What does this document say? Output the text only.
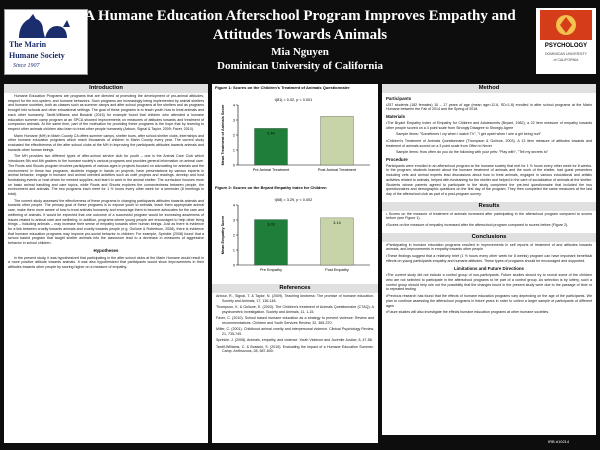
The Marin
Humane Society
Since 1907
A Humane Education Afterschool Program Improves Empathy and
Attitudes Towards Animals
Mia Nguyen
Dominican University of California
PSYCHOLOGY
DOMINICAN UNIVERSITY
of CALIFORNIA
Introduction

Humane Education Programs are programs that are directed at promoting the development of pro-animal attitudes, respect for the eco-system, and humane behaviors. Such programs are increasingly being implemented by animal shelters and humane societies, both as classes such as summer camps and after school programs at the shelters and as programs brought into schools and other educational settings. The goal of these programs is to teach youth how to treat animals and each other humanely. Tardif-Williams and Bosacki (2015) for example found that children who attended a humane education summer camp program at an SPCA showed improvements on measures of attitudes towards and treatment of companion animals. At the same time, part of the motivation for providing these programs is the hope that by learning to respect other animals children also learn to treat other people humanely (Arbour, Signal & Taylor, 2009; Faver, 2010).

Marin Humane (MH) in Marin County CA offers summer camps, shelter tours, after school shelter clubs, internships and other humane education programs which reach thousands of children in Marin County every year. The current study evaluated the effectiveness of the after school clubs at the MH in improving the participants attitudes towards animals and towards other human beings.

The MH provides two different types of after-school service club for youth – one is the Animal Care Club which introduces 5th and 6th graders to the humane society's various programs and provides general information on animal care. The Roots and Shoots program involves participants of various ages in projects focused on advocating for animals and the environment. In these two programs, students engage in hands on projects, have presentations by various experts in animal behavior, engage in humane and animal oriented activities such as craft projects and readings, develop and host fundraising events or host drives for needed supplies, and learn to work in the animal shelter. The curriculum focuses more on basic animal handling and care topics, while Roots and Shoots explores the connectedness between people, the environment and animals. The two programs each meet for 1 ½ hours every other week for a semester (8 meetings in total).

The current study assessed the effectiveness of these programs in changing participants attitudes towards animals and towards other people. The primary goal of these programs is to expose youth to animals, teach them appropriate animal care, make them more aware of how to treat animals humanely and encourage them to become advocates for the care and wellbeing of animals. It would be expected that one outcome of a successful program would be increasing awareness of issues related to animal care and wellbeing. In addition, programs where young people are encouraged to help other living things – including animals – may increase their sense of empathy towards other human beings. Just as there is evidence for a link between cruelty towards animals and cruelty towards people (e.g. Gullone & Robertson, 2008), there is evidence that humane education programs may improve pro-social behavior in children. For example, Sprinkle (2008) found that a school based program that taught shelter animals into the classroom lead to a decrease in measures of aggressive behavior in school children.

Hypotheses

In the present study, it was hypothesized that participating in the after school clubs at the Marin Humane would result in a more positive attitude towards animals. It was also hypothesized that participants would show improvements in their attitudes towards other people by scoring higher on a measure of empathy.

Figure 1: Scores on the Children's Treatment of Animals Questionnaire
0
1
2
3
4
Mean Treatment of Animals Score
t(81) = 0.02, p < 0.001
2.44
Pre Animal Treatment	Post Animal Treatment
Figure 2: Scores on the Bryant Empathy Index for Children
0
1
2
3
4
Mean Empathy Score
t(58) = 3.29, p < 0.002
3.03
Pre Empathy
3.14
Post Empathy
References
Arbour, R., Signal, T. & Taylor, N. (2009). Teaching kindness: The promise of humane education. Society and Animals, 17, 136-148.
Thompson, K. & Gullone, E. (2003). The Children's treatment of Animals Questionnaire (CTAQ): A psychometric investigation. Society and Animals, 11, 1-15.
Faver, C. (2010). School based humane education as a strategy to prevent violence: Review and recommendations. Children and Youth Services Review, 32, 365-370.
Miller, C. (2001). Childhood animal cruelty and interpersonal violence. Clinical Psychology Review, 21, 735-749.
Sprinkle, J. (2008). Animals, empathy, and violence. Youth Violence and Juvenile Justice, 6, 47-58.
Tardif-Williams, C. & Bosacki, S. (2015). Evaluating the Impact of a Humane Education Summer-Camp. Anthrozoos, 28, 587-600.
Method
Participants
•257 students (182 females) 10 – 17 years of age (mean age=12.6, SD=1.8) enrolled in after school programs at the Marin Humane between the Fall of 2014 and the Spring of 2018.
Materials
•The Bryant Empathy Index of Empathy for Children and Adolescents (Bryant, 1982), a 22 item measure of empathy towards other people scored on a 4 point scale from Strongly Disagree to Strongly Agree
Sample items: "Sometimes I cry when I watch TV", "I get upset when I see a girl being hurt"
•Children's Treatment of Animals Questionnaire (Thompson & Gullone, 2003). A 13 item measure of attitudes towards and treatment of animals scored on a 3 point scale from Often to Never
Sample items: How often do you do the following with your pets: "Play with", "Tell my secrets to"
Procedure
Participants were enrolled in an afterschool program at the humane society that met for 1 ½ hours every other week for 8 weeks. In the program, students learned about the humane treatment of animals and the work of the shelter, had guest presenters including vets and animal experts lead discussions about how to treat animals, engaged in various educational and artistic activities related to animals, helped with fundraising for the shelter and helped in the care of socialization of animals at the shelter. Students whose parents agreed to participate in the study completed the pre-test questionnaire that included the two questionnaires and demographic questions on the first day of the program. They then completed the same measures at the last day of the afterschool club as part of a post-program survey.
Results
• Scores on the measure of treatment of animals increased after participating in the afterschool program compared to scores before (see Figure 1).
•Scores on the measure of empathy increased after the afterschool program compared to scores before (Figure 2).
Conclusions
•Participating in humane education programs resulted in improvements in self reports of treatment of and attitudes towards animals, and improvements in empathy towards other people
•These findings suggest that a relatively brief (1 ½ hours every other week for 8 weeks) program can have important beneficial effects on young participants empathy and humane attitudes. These types of programs should be encouraged and supported.
Limitations and Future Directions
•The current study did not include a control group of non-participants. Future studies should try to recruit some of the children who are not selected to participate in the afterschool programs to be part of a control group. As selection is by lottery, such a control group should help rule out the possibility that the changes found in the present study were due to the passage of time or to repeated testing
•Previous research has found that the effects of humane education programs vary depending on the age of the participants. We plan to continue assessing the afterschool programs in future years in order to collect a larger sample of participants of different ages
•Future studies will also investigate the effects humane education programs at other humane societies.
IRB #10214
